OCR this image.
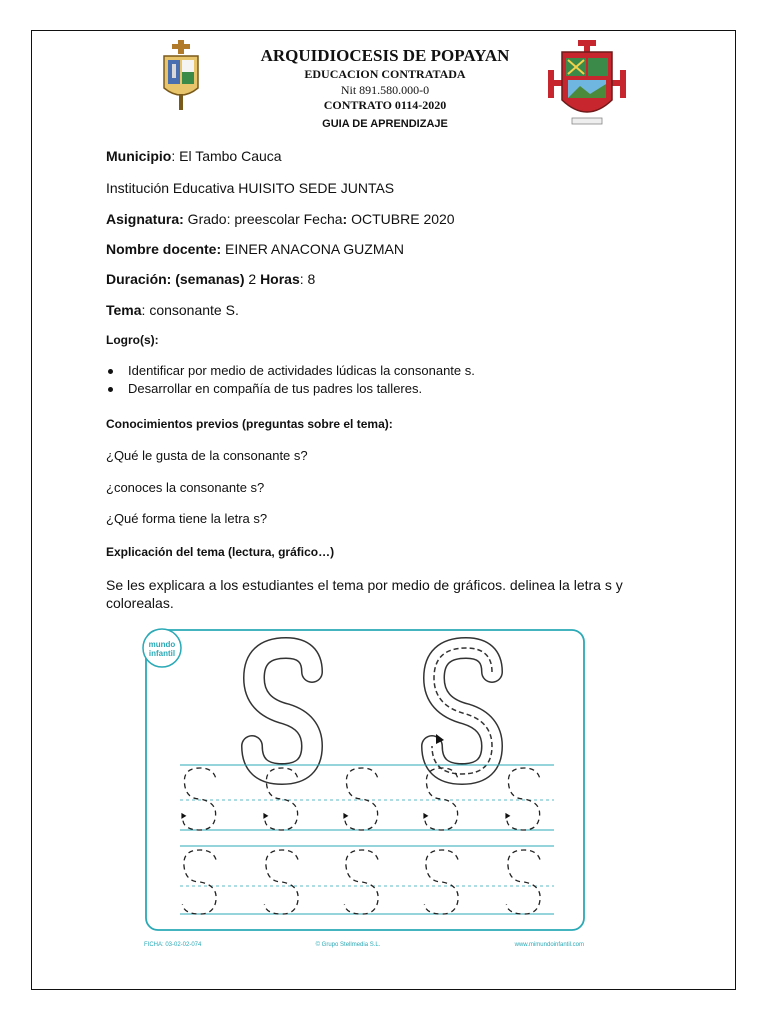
ARQUIDIOCESIS DE POPAYAN
EDUCACION CONTRATADA
Nit 891.580.000-0
CONTRATO 0114-2020
GUIA DE APRENDIZAJE
Municipio: El Tambo Cauca
Institución Educativa HUISITO SEDE JUNTAS
Asignatura: Grado: preescolar Fecha: OCTUBRE 2020
Nombre docente: EINER ANACONA GUZMAN
Duración: (semanas) 2 Horas: 8
Tema: consonante S.
Logro(s):
Identificar por medio de actividades lúdicas la consonante s.
Desarrollar en compañía de tus padres los talleres.
Conocimientos previos (preguntas sobre el tema):
¿Qué le gusta de la consonante s?
¿conoces la consonante s?
¿Qué forma tiene la letra s?
Explicación del tema (lectura, gráfico…)
Se les explicara a los estudiantes el tema por medio de gráficos. delinea la letra s y colorealas.
mundo
infantil
FICHA: 03-02-02-074	© Grupo Stellmedia S.L.	www.mimundoinfantil.com
